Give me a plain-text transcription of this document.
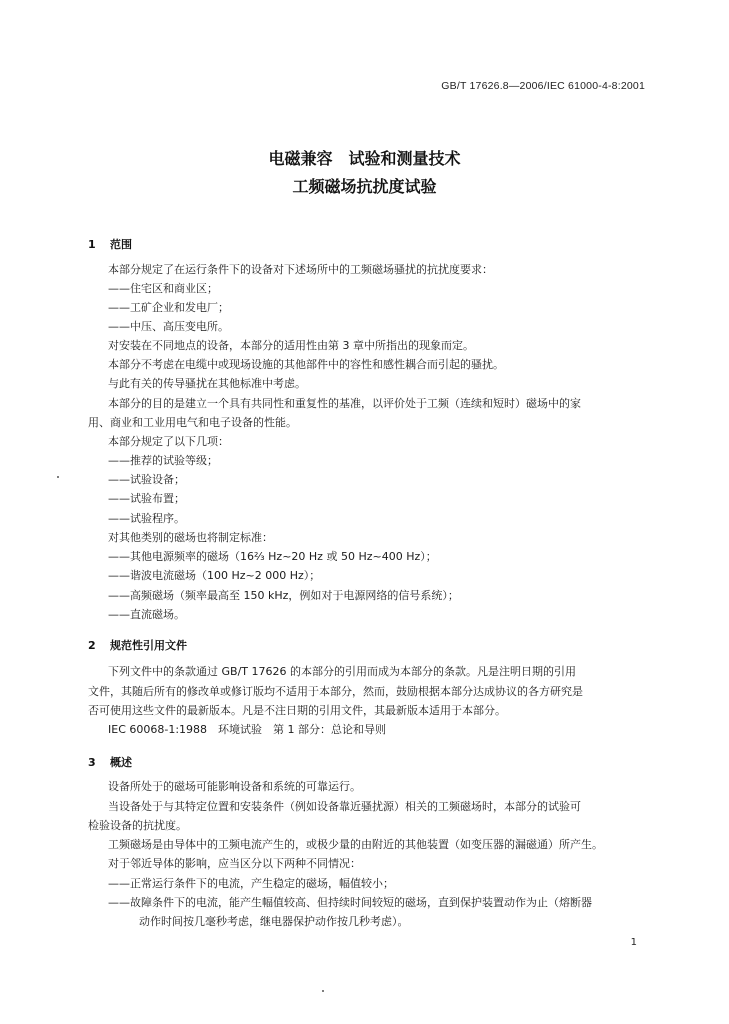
GB/T 17626.8—2006/IEC 61000-4-8:2001
电磁兼容　试验和测量技术
工频磁场抗扰度试验
1 范围
本部分规定了在运行条件下的设备对下述场所中的工频磁场骚扰的抗扰度要求：
——住宅区和商业区；
——工矿企业和发电厂；
——中压、高压变电所。
对安装在不同地点的设备，本部分的适用性由第 3 章中所指出的现象而定。
本部分不考虑在电缆中或现场设施的其他部件中的容性和感性耦合而引起的骚扰。
与此有关的传导骚扰在其他标准中考虑。
本部分的目的是建立一个具有共同性和重复性的基准，以评价处于工频（连续和短时）磁场中的家
用、商业和工业用电气和电子设备的性能。
本部分规定了以下几项：
——推荐的试验等级；
——试验设备；
——试验布置；
——试验程序。
对其他类别的磁场也将制定标准：
——其他电源频率的磁场（16⅔ Hz~20 Hz 或 50 Hz~400 Hz）；
——谐波电流磁场（100 Hz~2 000 Hz）；
——高频磁场（频率最高至 150 kHz，例如对于电源网络的信号系统）；
——直流磁场。
2 规范性引用文件
下列文件中的条款通过 GB/T 17626 的本部分的引用而成为本部分的条款。凡是注明日期的引用
文件，其随后所有的修改单或修订版均不适用于本部分，然而，鼓励根据本部分达成协议的各方研究是
否可使用这些文件的最新版本。凡是不注日期的引用文件，其最新版本适用于本部分。
IEC 60068-1:1988　环境试验　第 1 部分：总论和导则
3 概述
设备所处于的磁场可能影响设备和系统的可靠运行。
当设备处于与其特定位置和安装条件（例如设备靠近骚扰源）相关的工频磁场时，本部分的试验可
检验设备的抗扰度。
工频磁场是由导体中的工频电流产生的，或极少量的由附近的其他装置（如变压器的漏磁通）所产生。
对于邻近导体的影响，应当区分以下两种不同情况：
——正常运行条件下的电流，产生稳定的磁场，幅值较小；
——故障条件下的电流，能产生幅值较高、但持续时间较短的磁场，直到保护装置动作为止（熔断器
动作时间按几毫秒考虑，继电器保护动作按几秒考虑）。
1
